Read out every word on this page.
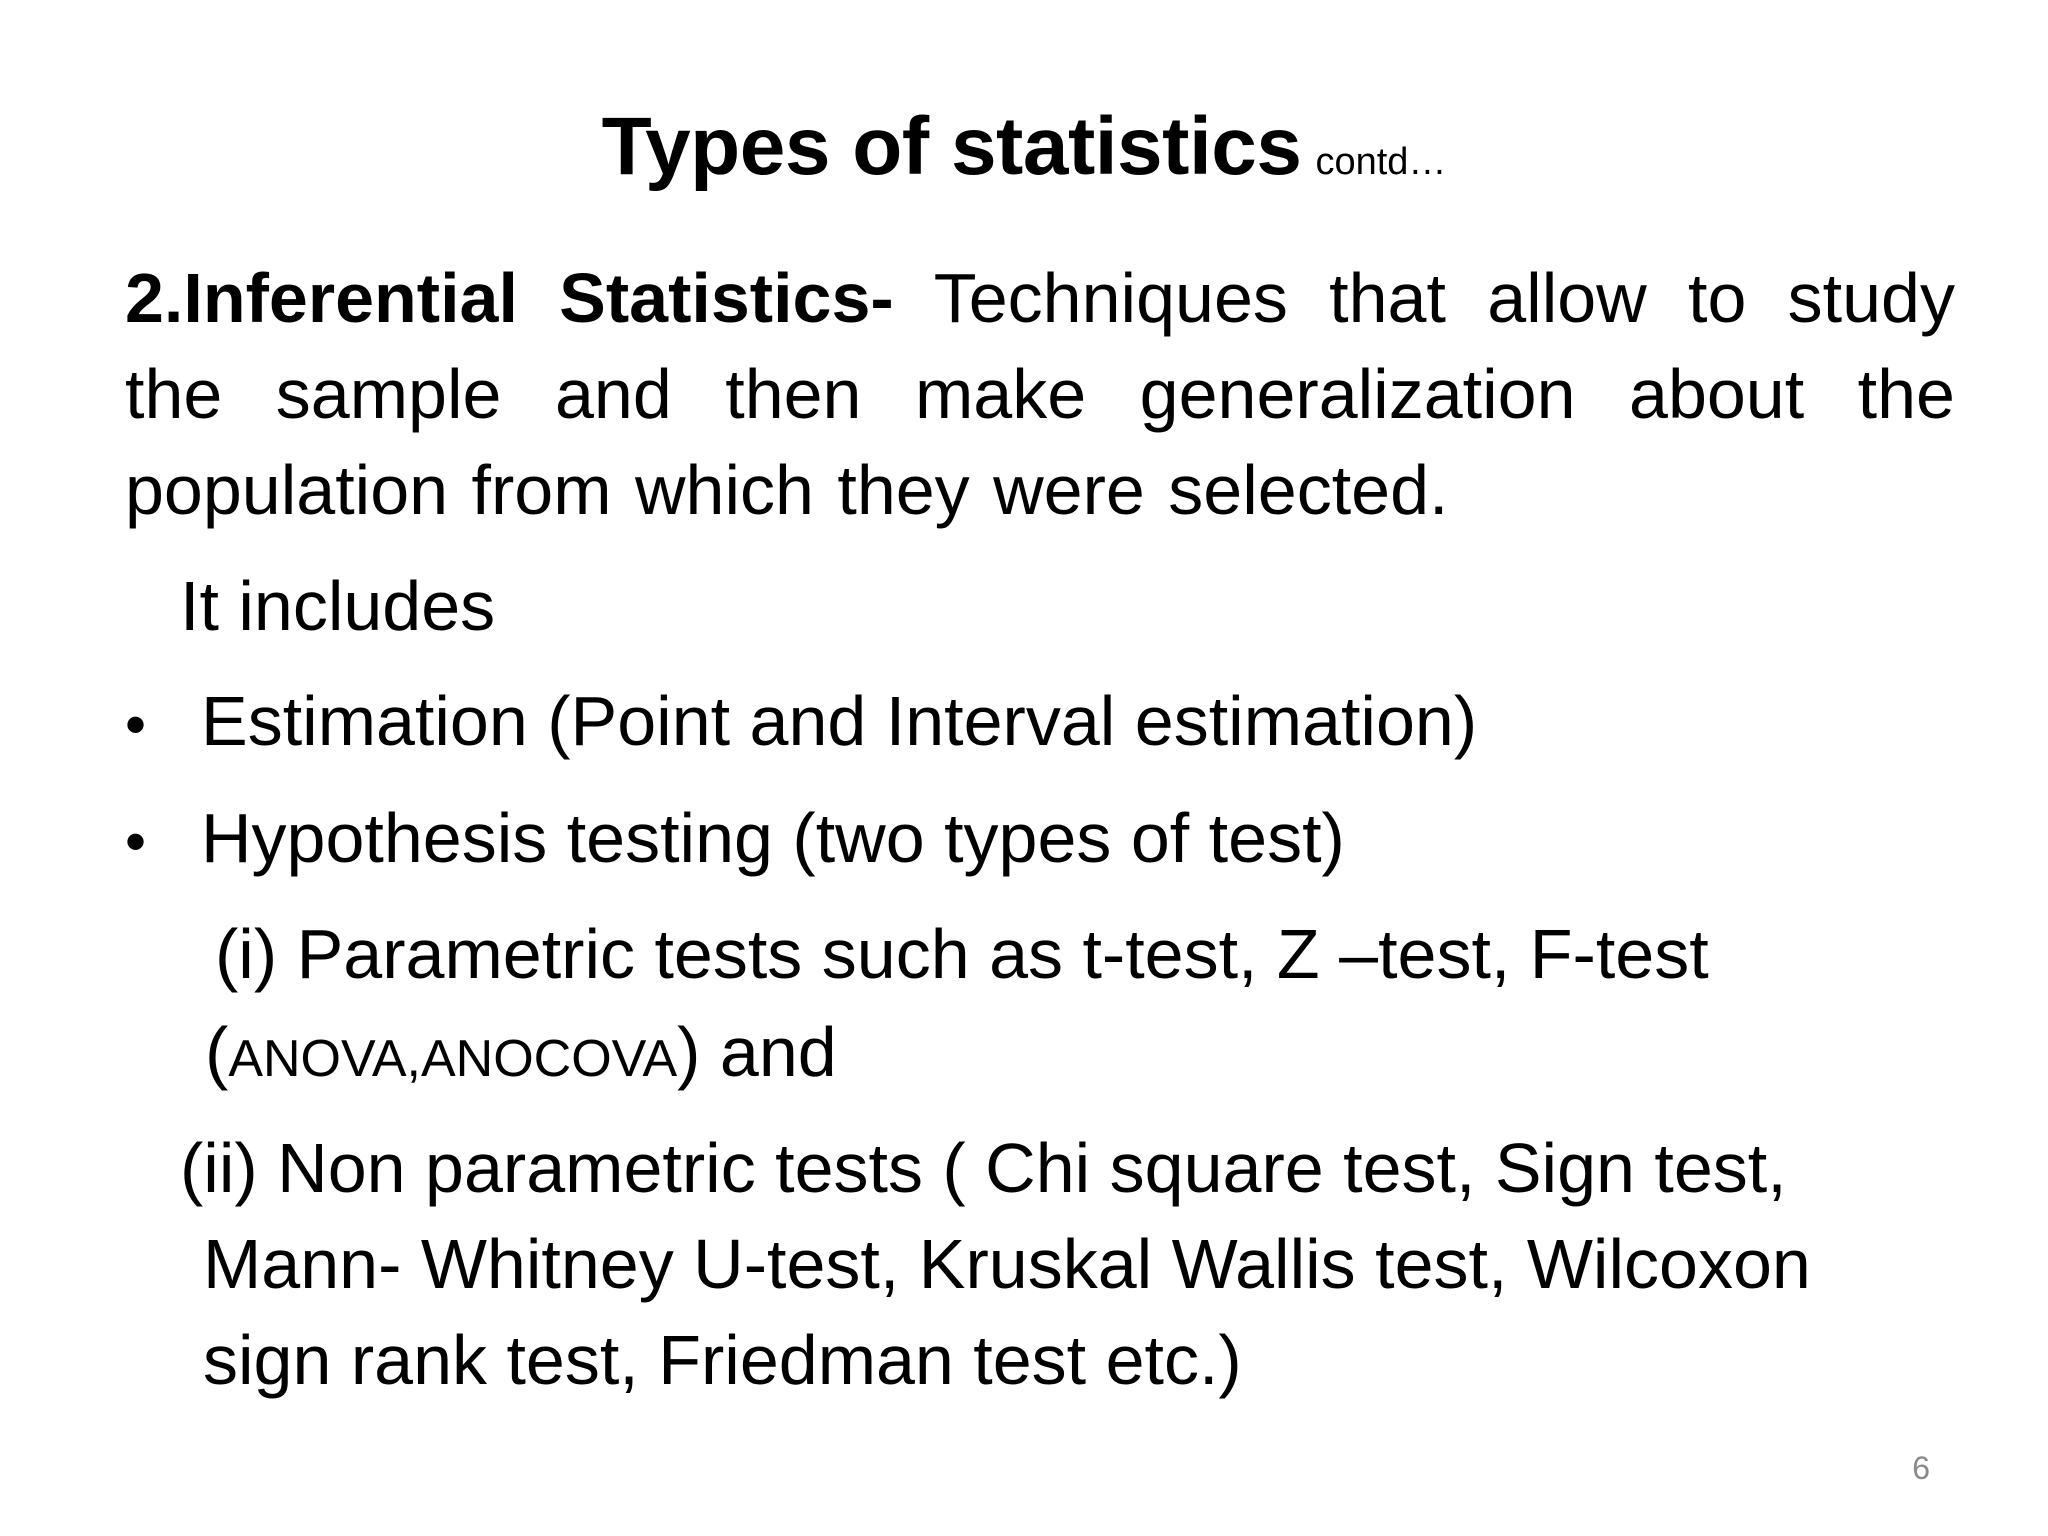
Types of statistics contd…
2.Inferential Statistics- Techniques that allow to study the sample and then make generalization about the population from which they were selected.
It includes
• Estimation (Point and Interval estimation)
• Hypothesis testing (two types of test)
(i) Parametric tests such as t-test, Z –test, F-test
(ANOVA,ANOCOVA) and
(ii) Non parametric tests ( Chi square test, Sign test,
Mann- Whitney U-test, Kruskal Wallis test, Wilcoxon
sign rank test, Friedman test etc.)
6
